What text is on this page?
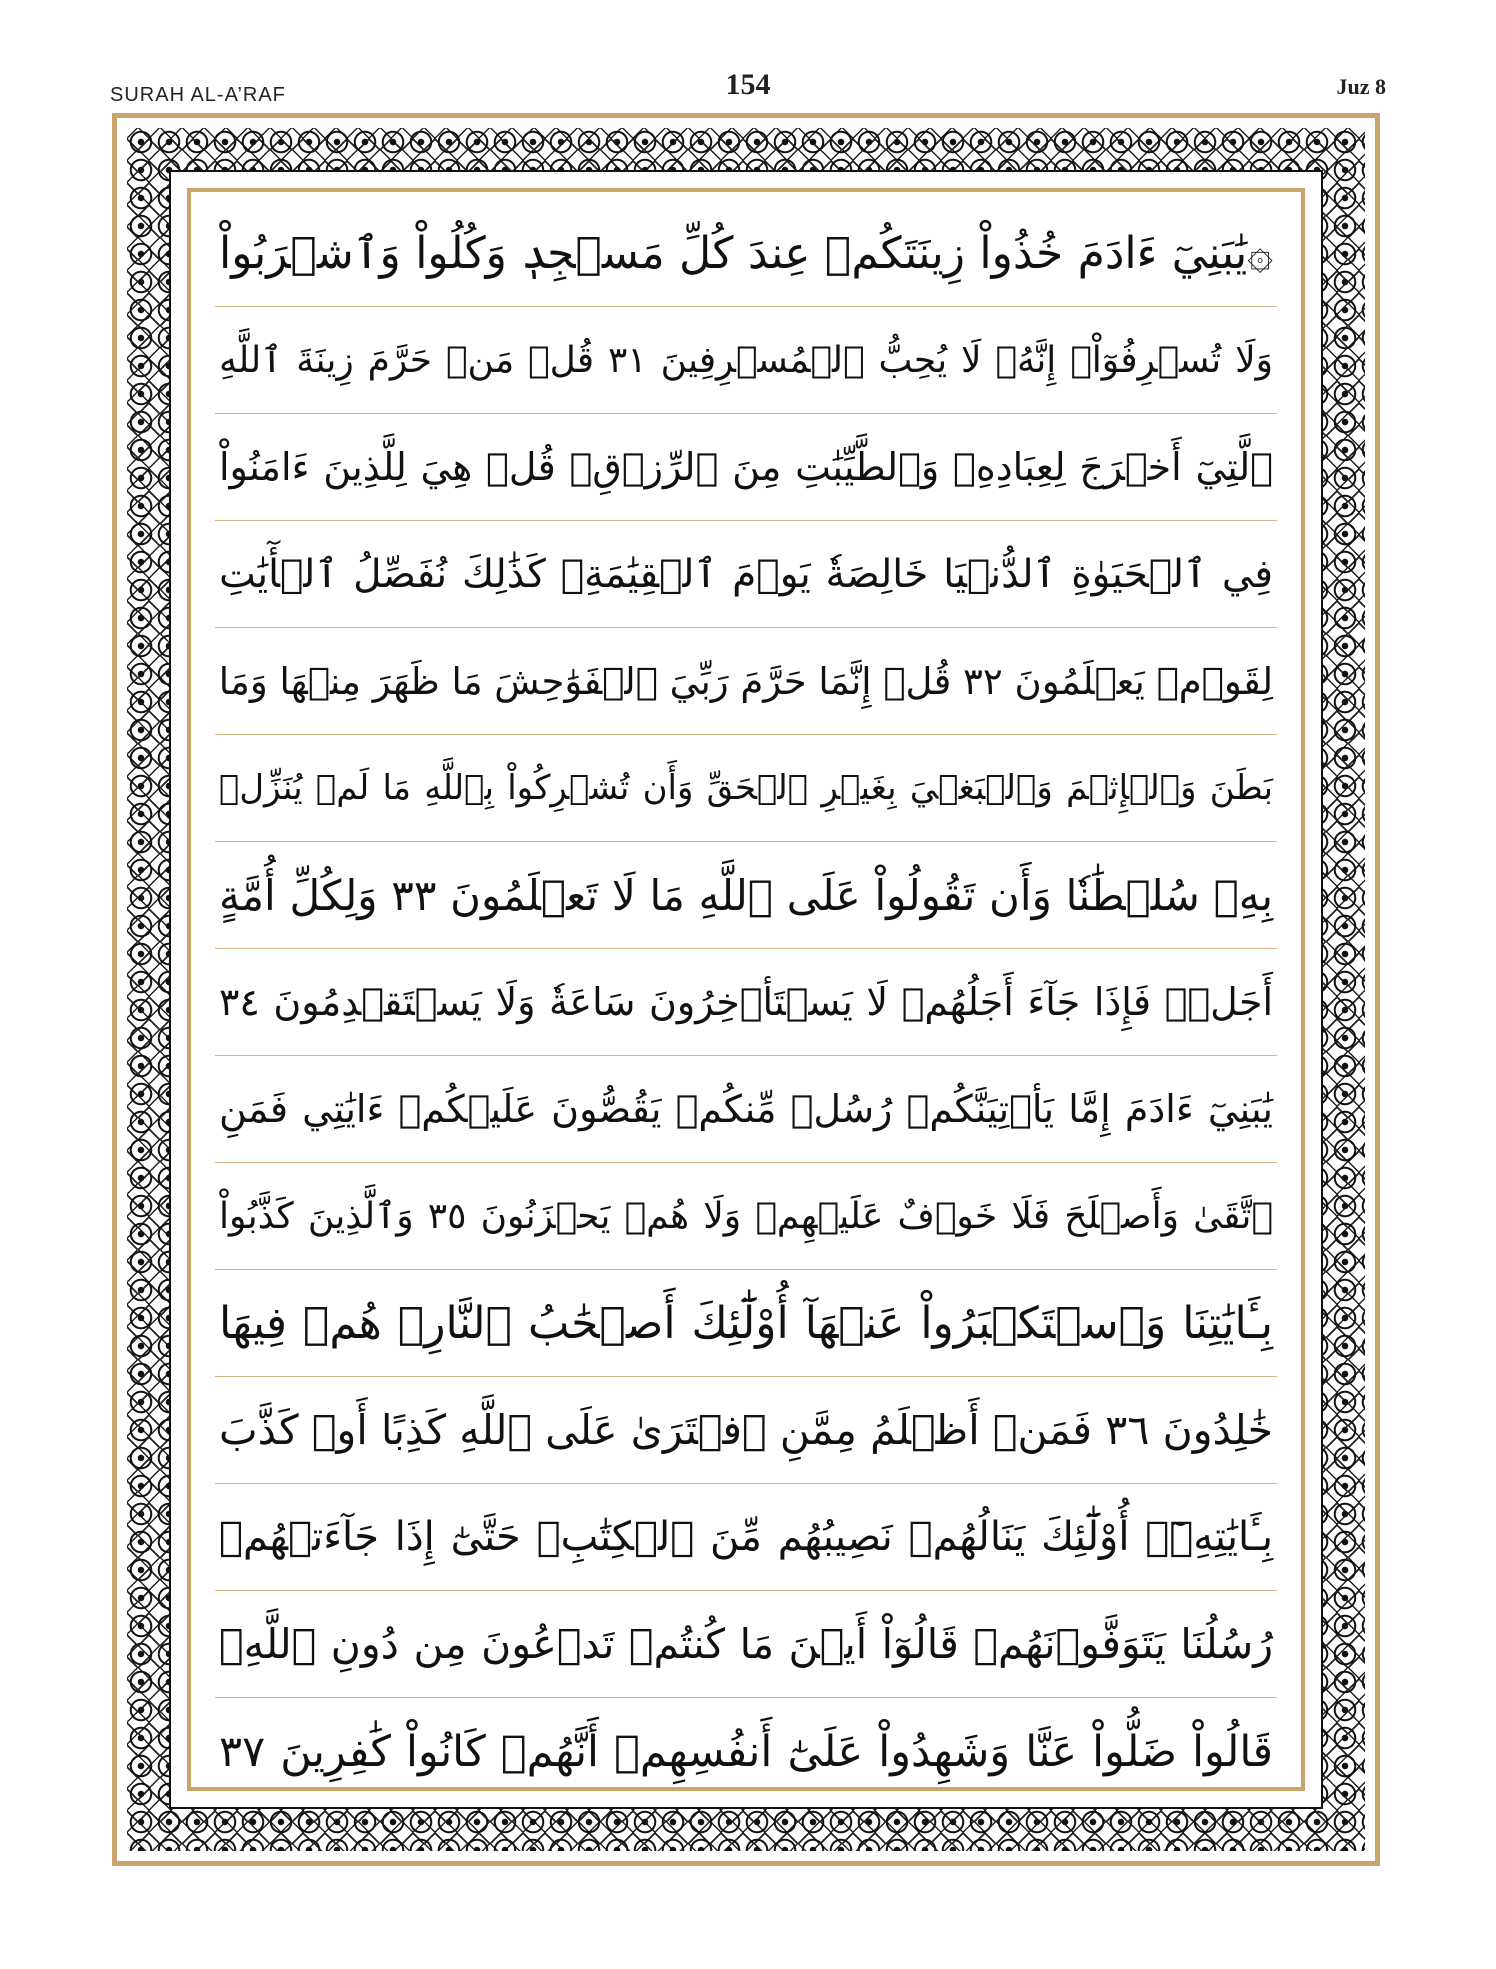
SURAH AL-A’RAF	154	Juz 8
۞يَٰبَنِيٓ ءَادَمَ خُذُواْ زِينَتَكُمۡ عِندَ كُلِّ مَسۡجِدٖ وَكُلُواْ وَٱشۡرَبُواْ
وَلَا تُسۡرِفُوٓاْۚ إِنَّهُۥ لَا يُحِبُّ ٱلۡمُسۡرِفِينَ ٣١ قُلۡ مَنۡ حَرَّمَ زِينَةَ ٱللَّهِ
ٱلَّتِيٓ أَخۡرَجَ لِعِبَادِهِۦ وَٱلطَّيِّبَٰتِ مِنَ ٱلرِّزۡقِۚ قُلۡ هِيَ لِلَّذِينَ ءَامَنُواْ
فِي ٱلۡحَيَوٰةِ ٱلدُّنۡيَا خَالِصَةٗ يَوۡمَ ٱلۡقِيَٰمَةِۗ كَذَٰلِكَ نُفَصِّلُ ٱلۡأٓيَٰتِ
لِقَوۡمٖ يَعۡلَمُونَ ٣٢ قُلۡ إِنَّمَا حَرَّمَ رَبِّيَ ٱلۡفَوَٰحِشَ مَا ظَهَرَ مِنۡهَا وَمَا
بَطَنَ وَٱلۡإِثۡمَ وَٱلۡبَغۡيَ بِغَيۡرِ ٱلۡحَقِّ وَأَن تُشۡرِكُواْ بِٱللَّهِ مَا لَمۡ يُنَزِّلۡ
بِهِۦ سُلۡطَٰنٗا وَأَن تَقُولُواْ عَلَى ٱللَّهِ مَا لَا تَعۡلَمُونَ ٣٣ وَلِكُلِّ أُمَّةٍ
أَجَلٞۖ فَإِذَا جَآءَ أَجَلُهُمۡ لَا يَسۡتَأۡخِرُونَ سَاعَةٗ وَلَا يَسۡتَقۡدِمُونَ ٣٤
يَٰبَنِيٓ ءَادَمَ إِمَّا يَأۡتِيَنَّكُمۡ رُسُلٞ مِّنكُمۡ يَقُصُّونَ عَلَيۡكُمۡ ءَايَٰتِي فَمَنِ
ٱتَّقَىٰ وَأَصۡلَحَ فَلَا خَوۡفٌ عَلَيۡهِمۡ وَلَا هُمۡ يَحۡزَنُونَ ٣٥ وَٱلَّذِينَ كَذَّبُواْ
بِـَٔايَٰتِنَا وَٱسۡتَكۡبَرُواْ عَنۡهَآ أُوْلَٰٓئِكَ أَصۡحَٰبُ ٱلنَّارِۖ هُمۡ فِيهَا
خَٰلِدُونَ ٣٦ فَمَنۡ أَظۡلَمُ مِمَّنِ ٱفۡتَرَىٰ عَلَى ٱللَّهِ كَذِبًا أَوۡ كَذَّبَ
بِـَٔايَٰتِهِۦٓۚ أُوْلَٰٓئِكَ يَنَالُهُمۡ نَصِيبُهُم مِّنَ ٱلۡكِتَٰبِۖ حَتَّىٰٓ إِذَا جَآءَتۡهُمۡ
رُسُلُنَا يَتَوَفَّوۡنَهُمۡ قَالُوٓاْ أَيۡنَ مَا كُنتُمۡ تَدۡعُونَ مِن دُونِ ٱللَّهِۖ
قَالُواْ ضَلُّواْ عَنَّا وَشَهِدُواْ عَلَىٰٓ أَنفُسِهِمۡ أَنَّهُمۡ كَانُواْ كَٰفِرِينَ ٣٧
